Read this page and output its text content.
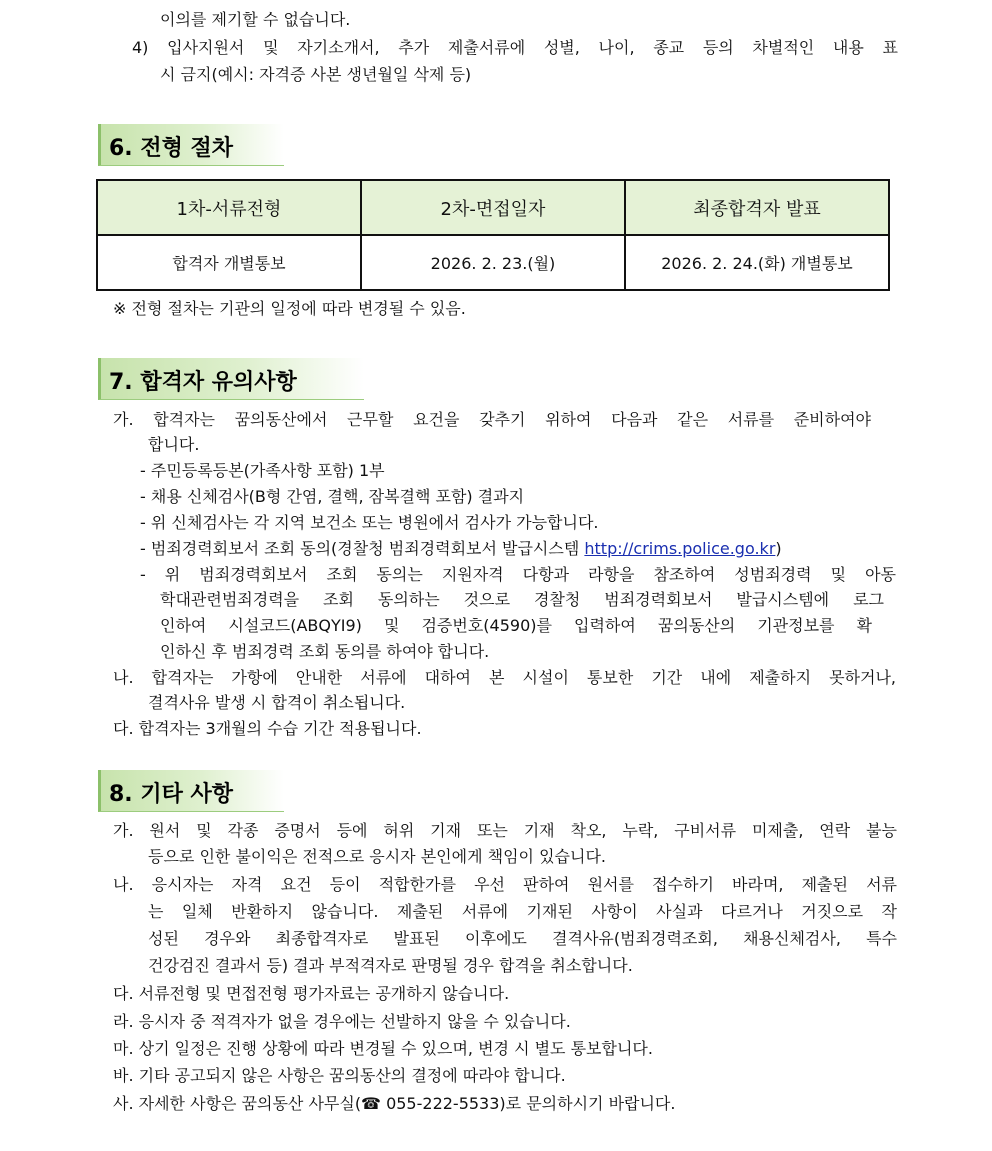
이의를 제기할 수 없습니다.
4) 입사지원서 및 자기소개서, 추가 제출서류에 성별, 나이, 종교 등의 차별적인 내용 표
시 금지(예시: 자격증 사본 생년월일 삭제 등)
6. 전형 절차
1차-서류전형	2차-면접일자	최종합격자 발표
합격자 개별통보	2026. 2. 23.(월)	2026. 2. 24.(화) 개별통보
※ 전형 절차는 기관의 일정에 따라 변경될 수 있음.
7. 합격자 유의사항
가. 합격자는 꿈의동산에서 근무할 요건을 갖추기 위하여 다음과 같은 서류를 준비하여야
합니다.
- 주민등록등본(가족사항 포함) 1부
- 채용 신체검사(B형 간염, 결핵, 잠복결핵 포함) 결과지
- 위 신체검사는 각 지역 보건소 또는 병원에서 검사가 가능합니다.
- 범죄경력회보서 조회 동의(경찰청 범죄경력회보서 발급시스템 http://crims.police.go.kr)
- 위 범죄경력회보서 조회 동의는 지원자격 다항과 라항을 참조하여 성범죄경력 및 아동
학대관련범죄경력을 조회 동의하는 것으로 경찰청 범죄경력회보서 발급시스템에 로그
인하여 시설코드(ABQYI9) 및 검증번호(4590)를 입력하여 꿈의동산의 기관정보를 확
인하신 후 범죄경력 조회 동의를 하여야 합니다.
나. 합격자는 가항에 안내한 서류에 대하여 본 시설이 통보한 기간 내에 제출하지 못하거나,
결격사유 발생 시 합격이 취소됩니다.
다. 합격자는 3개월의 수습 기간 적용됩니다.
8. 기타 사항
가. 원서 및 각종 증명서 등에 허위 기재 또는 기재 착오, 누락, 구비서류 미제출, 연락 불능
등으로 인한 불이익은 전적으로 응시자 본인에게 책임이 있습니다.
나. 응시자는 자격 요건 등이 적합한가를 우선 판하여 원서를 접수하기 바라며, 제출된 서류
는 일체 반환하지 않습니다. 제출된 서류에 기재된 사항이 사실과 다르거나 거짓으로 작
성된 경우와 최종합격자로 발표된 이후에도 결격사유(범죄경력조회, 채용신체검사, 특수
건강검진 결과서 등) 결과 부적격자로 판명될 경우 합격을 취소합니다.
다. 서류전형 및 면접전형 평가자료는 공개하지 않습니다.
라. 응시자 중 적격자가 없을 경우에는 선발하지 않을 수 있습니다.
마. 상기 일정은 진행 상황에 따라 변경될 수 있으며, 변경 시 별도 통보합니다.
바. 기타 공고되지 않은 사항은 꿈의동산의 결정에 따라야 합니다.
사. 자세한 사항은 꿈의동산 사무실(☎ 055-222-5533)로 문의하시기 바랍니다.
